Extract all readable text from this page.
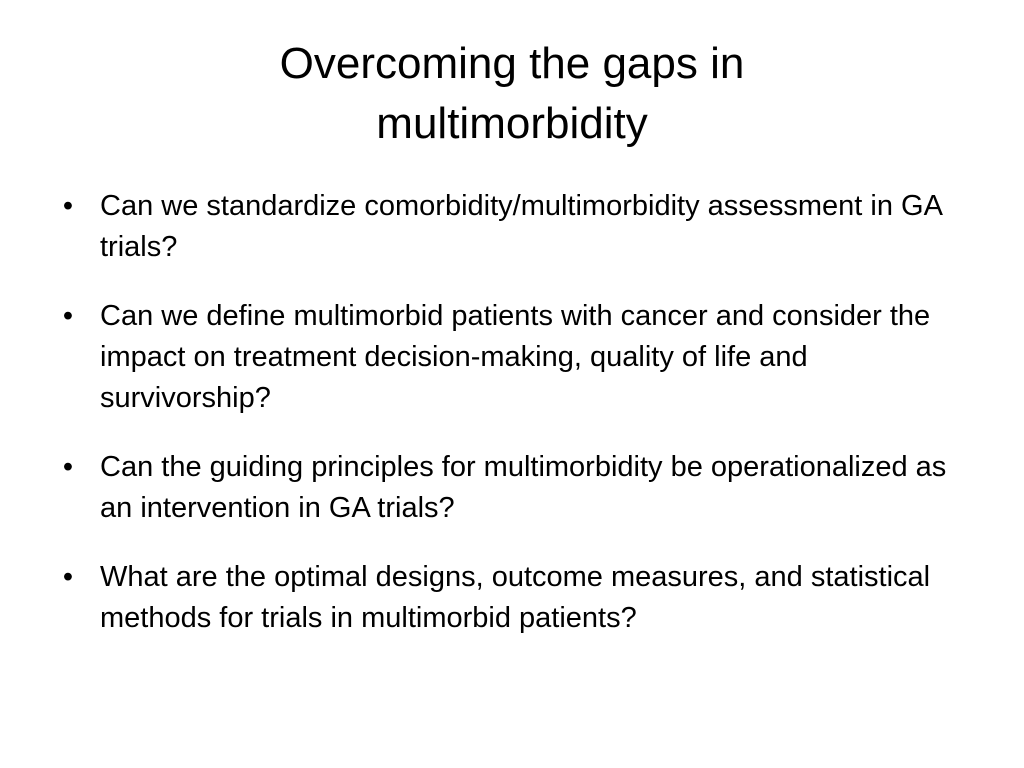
Overcoming the gaps in
multimorbidity
• Can we standardize comorbidity/multimorbidity assessment in GA trials?
• Can we define multimorbid patients with cancer and consider the impact on treatment decision-making, quality of life and survivorship?
• Can the guiding principles for multimorbidity be operationalized as an intervention in GA trials?
• What are the optimal designs, outcome measures, and statistical methods for trials in multimorbid patients?
